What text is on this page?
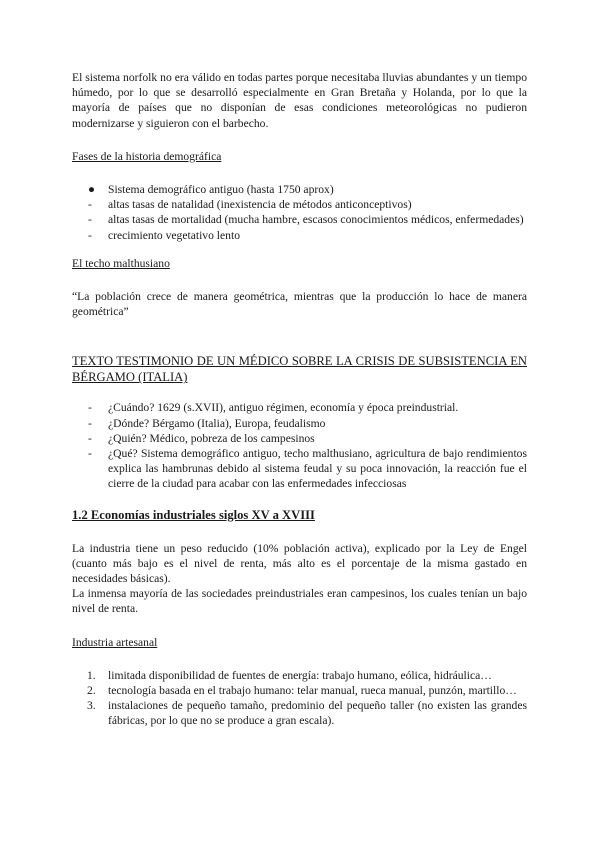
El sistema norfolk no era válido en todas partes porque necesitaba lluvias abundantes y un tiempo húmedo, por lo que se desarrolló especialmente en Gran Bretaña y Holanda, por lo que la mayoría de países que no disponían de esas condiciones meteorológicas no pudieron modernizarse y siguieron con el barbecho.

Fases de la historia demográfica

● Sistema demográfico antiguo (hasta 1750 aprox)
- altas tasas de natalidad (inexistencia de métodos anticonceptivos)
- altas tasas de mortalidad (mucha hambre, escasos conocimientos médicos, enfermedades)
- crecimiento vegetativo lento

El techo malthusiano

“La población crece de manera geométrica, mientras que la producción lo hace de manera geométrica”

TEXTO TESTIMONIO DE UN MÉDICO SOBRE LA CRISIS DE SUBSISTENCIA EN BÉRGAMO (ITALIA)

- ¿Cuándo? 1629 (s.XVII), antiguo régimen, economía y época preindustrial.
- ¿Dónde? Bérgamo (Italia), Europa, feudalismo
- ¿Quién? Médico, pobreza de los campesinos
- ¿Qué? Sistema demográfico antiguo, techo malthusiano, agricultura de bajo rendimientos explica las hambrunas debido al sistema feudal y su poca innovación, la reacción fue el cierre de la ciudad para acabar con las enfermedades infecciosas

1.2 Economías industriales siglos XV a XVIII

La industria tiene un peso reducido (10% población activa), explicado por la Ley de Engel (cuanto más bajo es el nivel de renta, más alto es el porcentaje de la misma gastado en necesidades básicas).

La inmensa mayoría de las sociedades preindustriales eran campesinos, los cuales tenían un bajo nivel de renta.

Industria artesanal

1. limitada disponibilidad de fuentes de energía: trabajo humano, eólica, hidráulica…
2. tecnología basada en el trabajo humano: telar manual, rueca manual, punzón, martillo…
3. instalaciones de pequeño tamaño, predominio del pequeño taller (no existen las grandes fábricas, por lo que no se produce a gran escala).
